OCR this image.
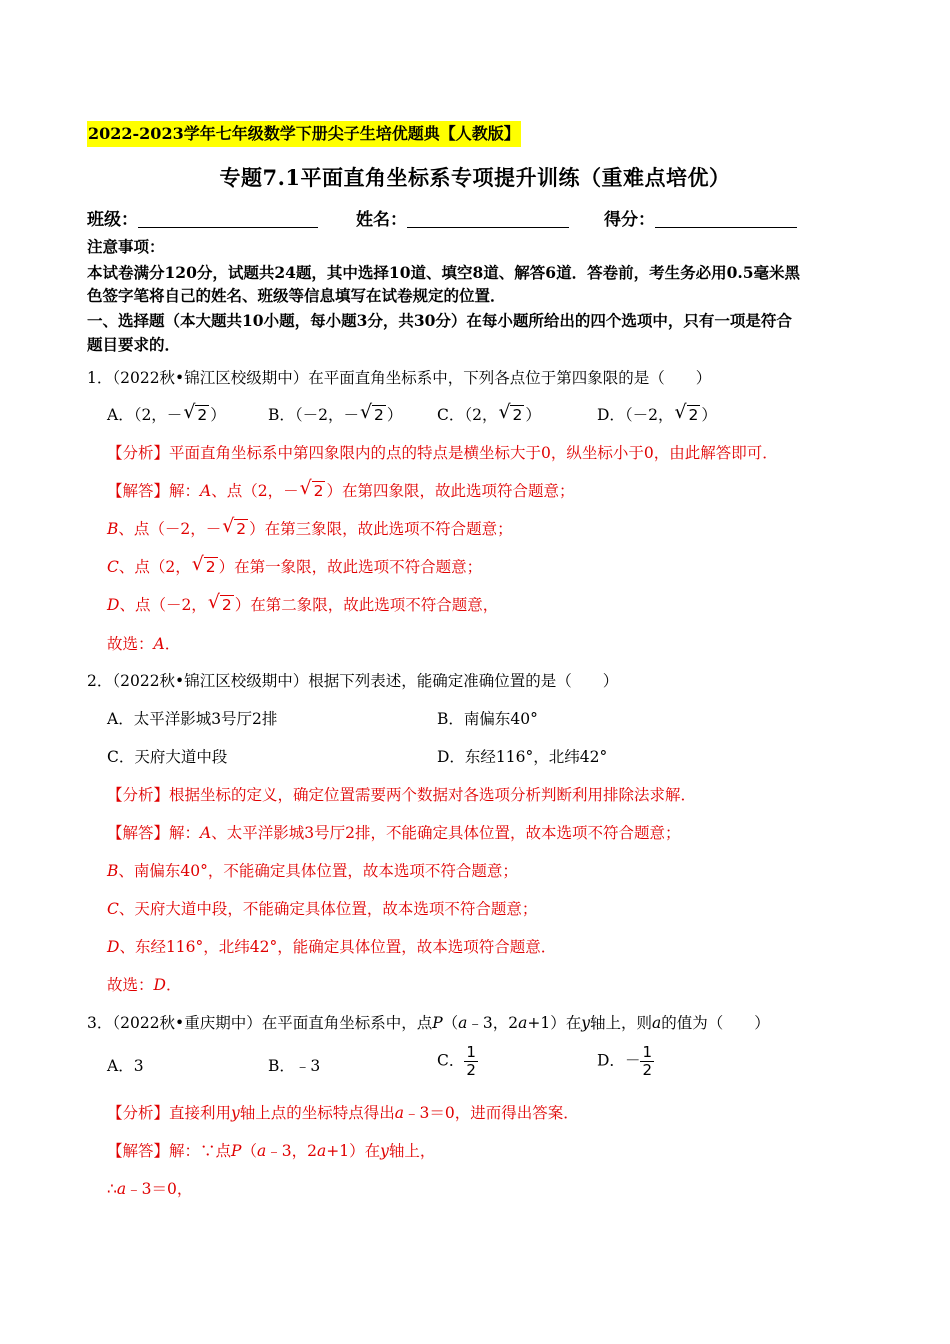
2022-2023学年七年级数学下册尖子生培优题典【人教版】
专题7.1平面直角坐标系专项提升训练（重难点培优）
班级：	姓名：	得分：
注意事项：
本试卷满分120分，试题共24题，其中选择10道、填空8道、解答6道．答卷前，考生务必用0.5毫米黑
色签字笔将自己的姓名、班级等信息填写在试卷规定的位置．
一、选择题（本大题共10小题，每小题3分，共30分）在每小题所给出的四个选项中，只有一项是符合
题目要求的．
1．（2022秋•锦江区校级期中）在平面直角坐标系中，下列各点位于第四象限的是（　　）
A．（2，－ √ 2 ）	B．（－2，－ √ 2 ） C．（2， √ 2 ）	D．（－2， √ 2 ）
【分析】平面直角坐标系中第四象限内的点的特点是横坐标大于0，纵坐标小于0，由此解答即可．
【解答】解：A、点（2，－ √ 2 ）在第四象限，故此选项符合题意；
B、点（－2，－ √ 2 ）在第三象限，故此选项不符合题意；
C、点（2， √ 2 ）在第一象限，故此选项不符合题意；
D、点（－2， √ 2 ）在第二象限，故此选项不符合题意，
故选：A．
2．（2022秋•锦江区校级期中）根据下列表述，能确定准确位置的是（　　）
A．太平洋影城3号厅2排	B．南偏东40°
C．天府大道中段	D．东经116°，北纬42°
【分析】根据坐标的定义，确定位置需要两个数据对各选项分析判断利用排除法求解．
【解答】解：A、太平洋影城3号厅2排，不能确定具体位置，故本选项不符合题意；
B、南偏东40°，不能确定具体位置，故本选项不符合题意；
C、天府大道中段，不能确定具体位置，故本选项不符合题意；
D、东经116°，北纬42°，能确定具体位置，故本选项符合题意．
故选：D．
3．（2022秋•重庆期中）在平面直角坐标系中，点P（a﹣3，2a+1）在y轴上，则a的值为（　　）
A．3	B．﹣3	C． $\frac{1}{2}$	D．－ $\frac{1}{2}$
【分析】直接利用y轴上点的坐标特点得出a﹣3＝0，进而得出答案．
【解答】解：∵点P（a﹣3，2a+1）在y轴上，
∴a﹣3＝0，
